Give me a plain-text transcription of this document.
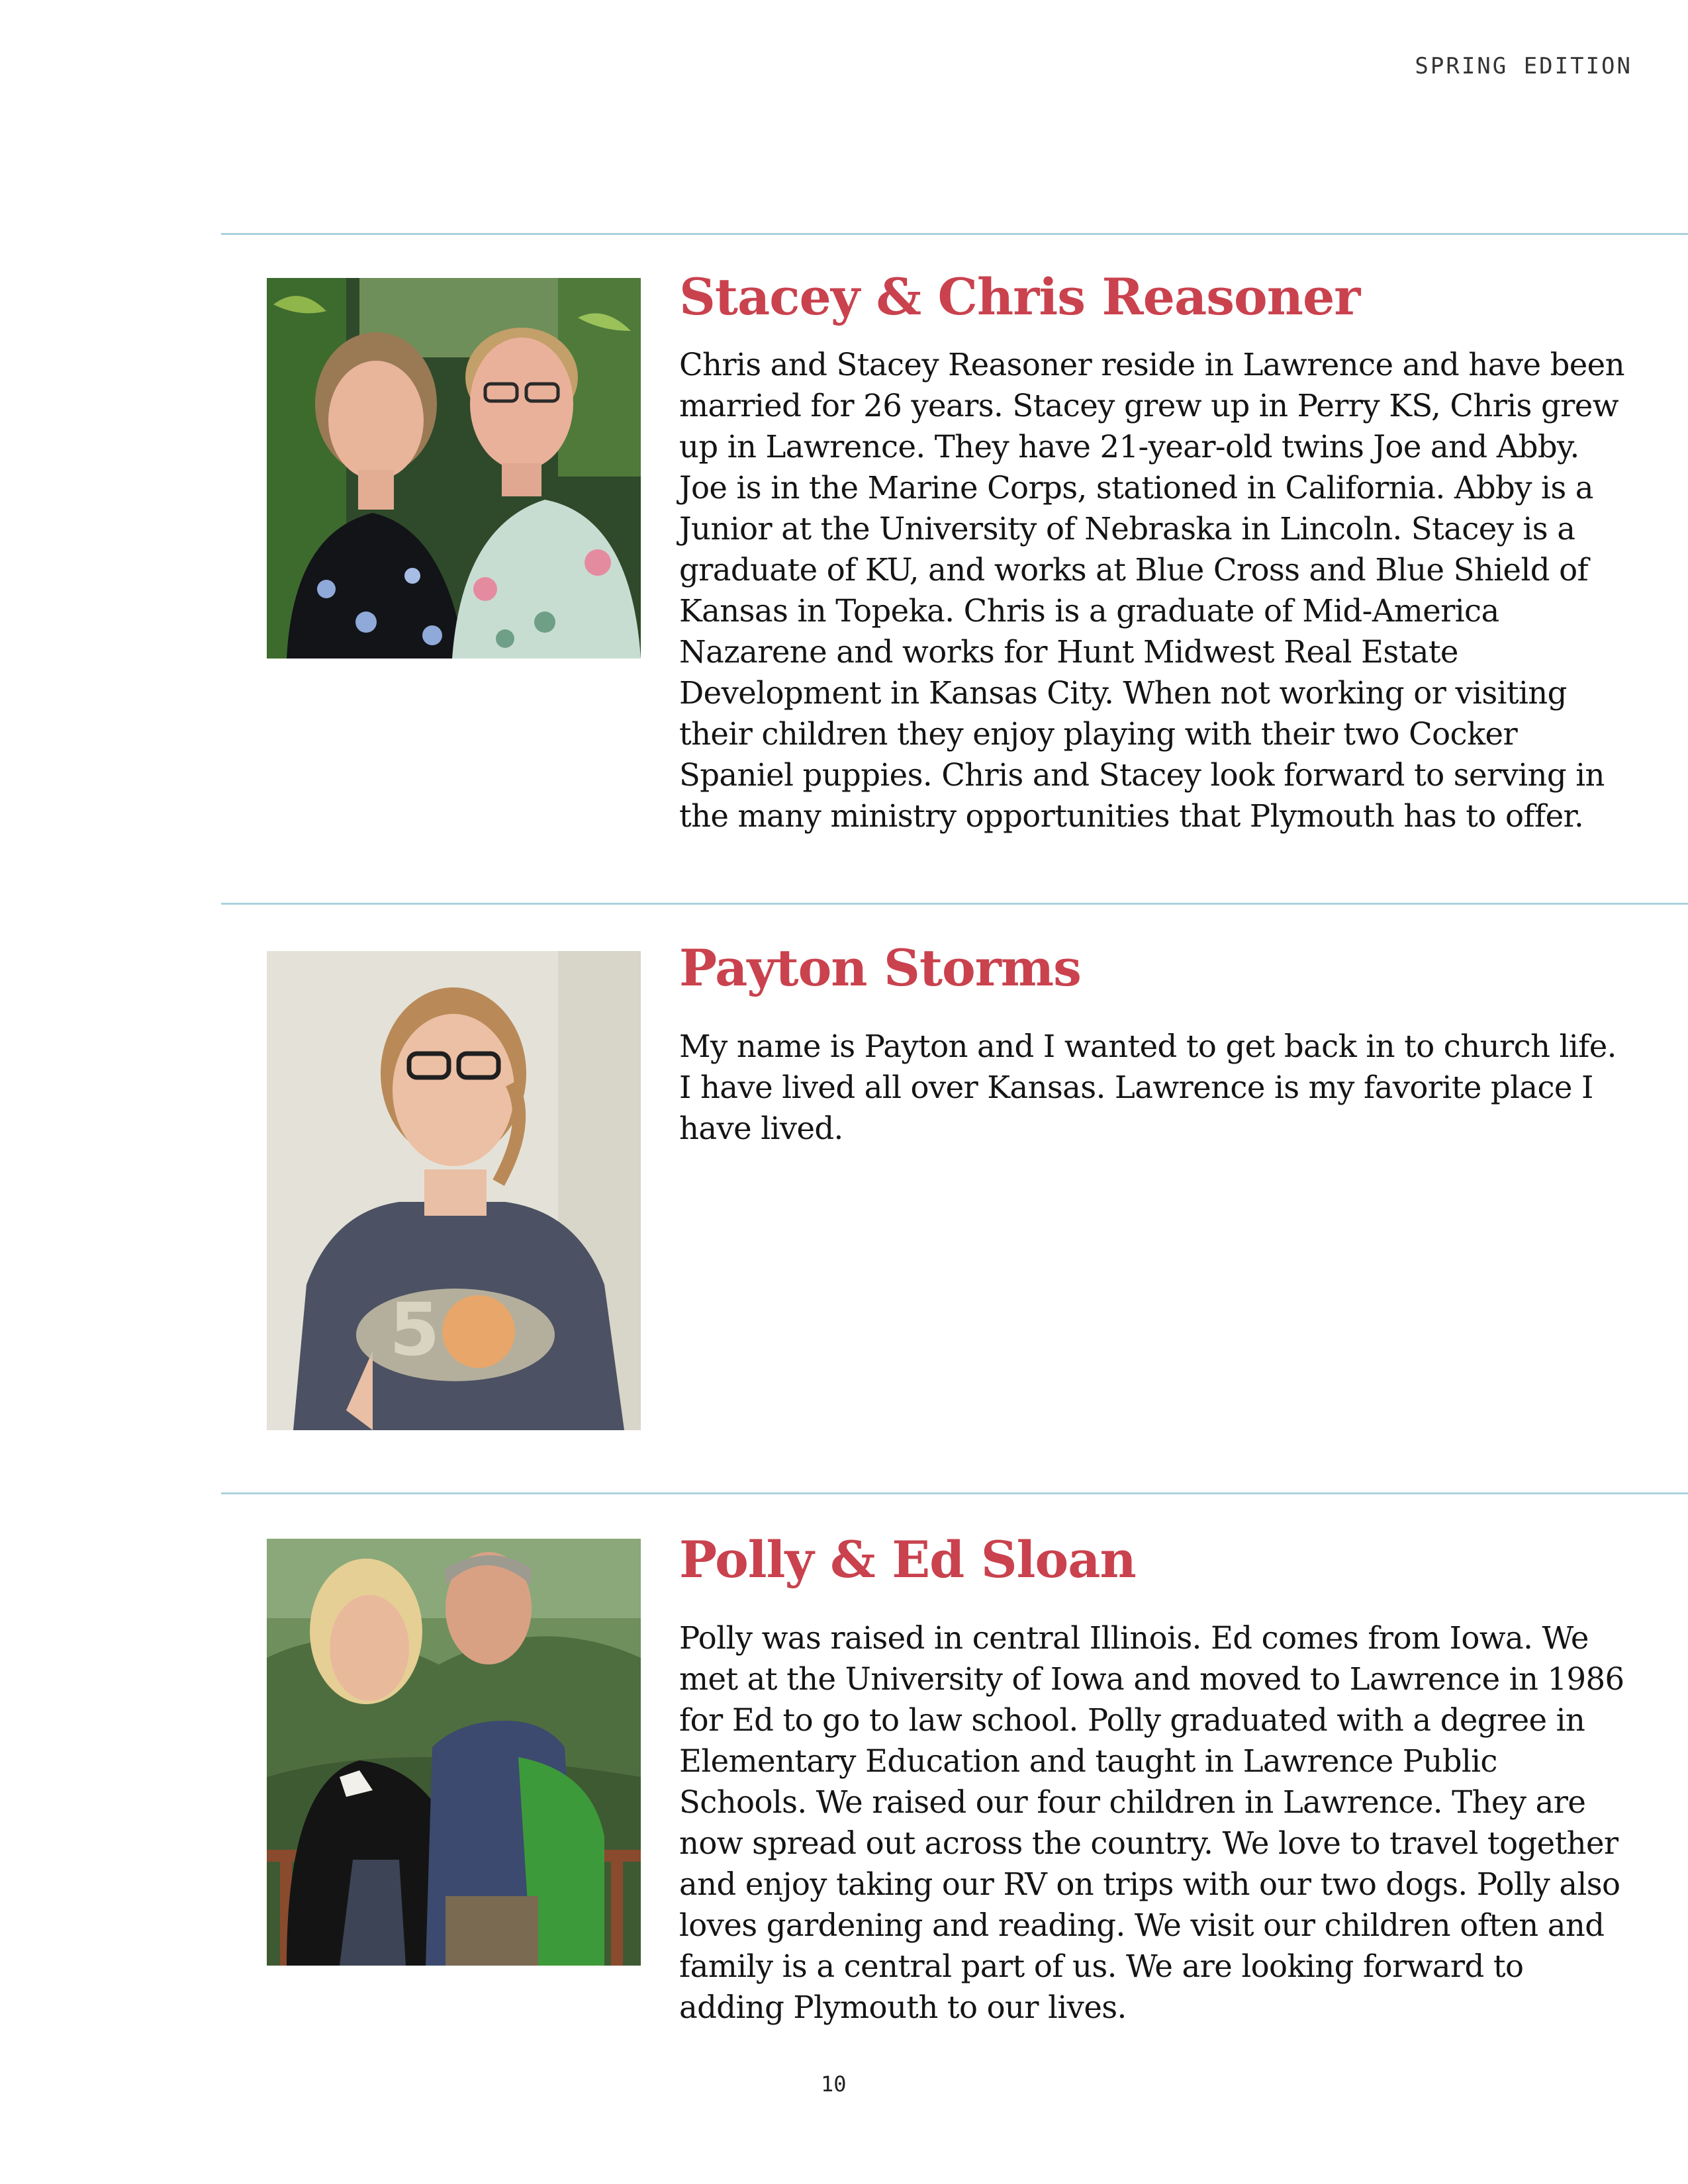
SPRING EDITION
Stacey & Chris Reasoner
Chris and Stacey Reasoner reside in Lawrence and have been married for 26 years. Stacey grew up in Perry KS, Chris grew up in Lawrence. They have 21-year-old twins Joe and Abby. Joe is in the Marine Corps, stationed in California. Abby is a Junior at the University of Nebraska in Lincoln. Stacey is a graduate of KU, and works at Blue Cross and Blue Shield of Kansas in Topeka. Chris is a graduate of Mid-America Nazarene and works for Hunt Midwest Real Estate Development in Kansas City. When not working or visiting their children they enjoy playing with their two Cocker Spaniel puppies. Chris and Stacey look forward to serving in the many ministry opportunities that Plymouth has to offer.
5
Payton Storms
My name is Payton and I wanted to get back in to church life. I have lived all over Kansas. Lawrence is my favorite place I have lived.
Polly & Ed Sloan
Polly was raised in central Illinois. Ed comes from Iowa. We met at the University of Iowa and moved to Lawrence in 1986 for Ed to go to law school. Polly graduated with a degree in Elementary Education and taught in Lawrence Public Schools. We raised our four children in Lawrence. They are now spread out across the country. We love to travel together and enjoy taking our RV on trips with our two dogs. Polly also loves gardening and reading. We visit our children often and family is a central part of us. We are looking forward to adding Plymouth to our lives.
10
